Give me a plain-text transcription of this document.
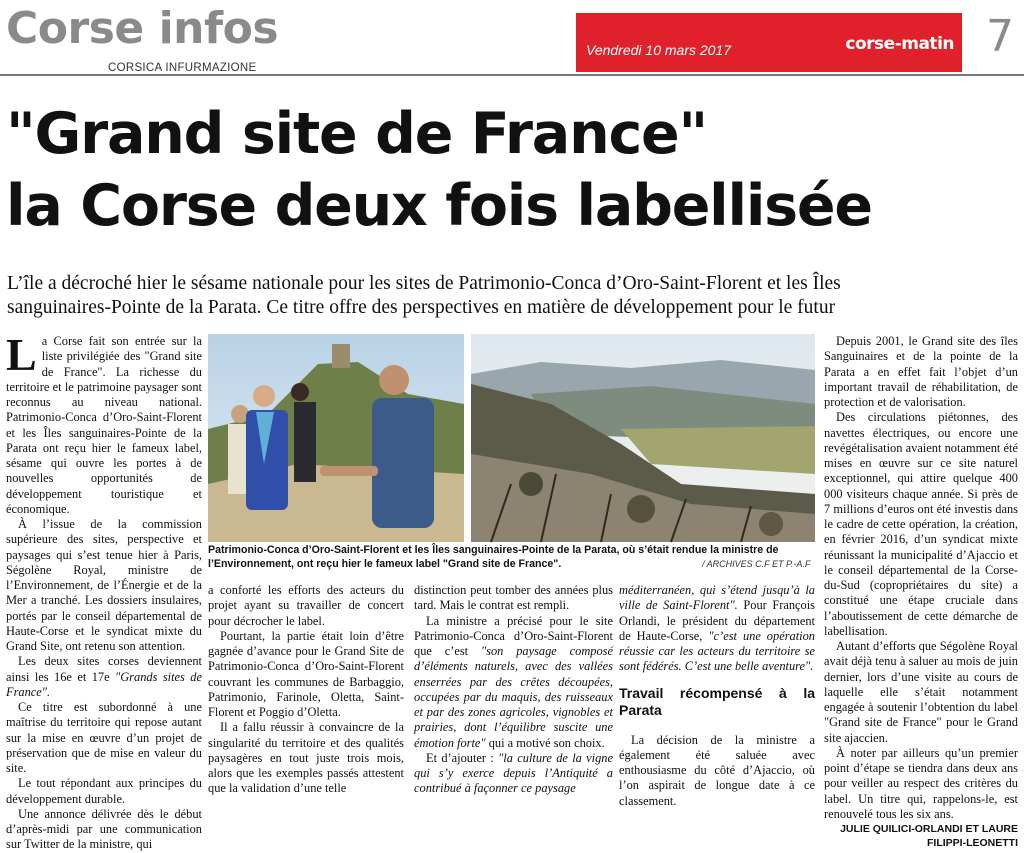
Corse infos
CORSICA INFURMAZIONE
Vendredi 10 mars 2017	corse-matin 7
"Grand site de France"
la Corse deux fois labellisée
L’île a décroché hier le sésame nationale pour les sites de Patrimonio-Conca d’Oro-Saint-Florent et les Îles
sanguinaires-Pointe de la Parata. Ce titre offre des perspectives en matière de développement pour le futur

La Corse fait son entrée sur la liste privilégiée des "Grand site de France". La richesse du territoire et le patrimoine paysager sont reconnus au niveau national. Patrimonio-Conca d’Oro-Saint-Florent et les Îles sanguinaires-Pointe de la Parata ont reçu hier le fameux label, sésame qui ouvre les portes à de nouvelles opportunités de développement touristique et économique.

À l’issue de la commission supérieure des sites, perspective et paysages qui s’est tenue hier à Paris, Ségolène Royal, ministre de l’Environnement, de l’Énergie et de la Mer a tranché. Les dossiers insulaires, portés par le conseil départemental de Haute-Corse et le syndicat mixte du Grand Site, ont retenu son attention.

Les deux sites corses deviennent ainsi les 16e et 17e "Grands sites de France".

Ce titre est subordonné à une maîtrise du territoire qui repose autant sur la mise en œuvre d’un projet de préservation que de mise en valeur du site.

Le tout répondant aux principes du développement durable.

Une annonce délivrée dès le début d’après-midi par une communication sur Twitter de la ministre, qui

Patrimonio-Conca d’Oro-Saint-Florent et les Îles sanguinaires-Pointe de la Parata, où s’était rendue la ministre de l’Environnement, ont reçu hier le fameux label "Grand site de France".	/ ARCHIVES C.F ET P.-A.F

a conforté les efforts des acteurs du projet ayant su travailler de concert pour décrocher le label.

Pourtant, la partie était loin d’être gagnée d’avance pour le Grand Site de Patrimonio-Conca d’Oro-Saint-Florent couvrant les communes de Barbaggio, Patrimonio, Farinole, Oletta, Saint-Florent et Poggio d’Oletta.

Il a fallu réussir à convaincre de la singularité du territoire et des qualités paysagères en tout juste trois mois, alors que les exemples passés attestent que la validation d’une telle

distinction peut tomber des années plus tard. Mais le contrat est rempli.

La ministre a précisé pour le site Patrimonio-Conca d’Oro-Saint-Florent que c’est "son paysage composé d’éléments naturels, avec des vallées enserrées par des crêtes découpées, occupées par du maquis, des ruisseaux et par des zones agricoles, vignobles et prairies, dont l’équilibre suscite une émotion forte" qui a motivé son choix.

Et d’ajouter : "la culture de la vigne qui s’y exerce depuis l’Antiquité a contribué à façonner ce paysage

méditerranéen, qui s’étend jusqu’à la ville de Saint-Florent". Pour François Orlandi, le président du département de Haute-Corse, "c’est une opération réussie car les acteurs du territoire se sont fédérés. C’est une belle aventure".

Travail récompensé à la Parata

La décision de la ministre a également été saluée avec enthousiasme du côté d’Ajaccio, où l’on aspirait de longue date à ce classement.

Depuis 2001, le Grand site des îles Sanguinaires et de la pointe de la Parata a en effet fait l’objet d’un important travail de réhabilitation, de protection et de valorisation.

Des circulations piétonnes, des navettes électriques, ou encore une revégétalisation avaient notamment été mises en œuvre sur ce site naturel exceptionnel, qui attire quelque 400 000 visiteurs chaque année. Si près de 7 millions d’euros ont été investis dans le cadre de cette opération, la création, en février 2016, d’un syndicat mixte réunissant la municipalité d’Ajaccio et le conseil départemental de la Corse-du-Sud (copropriétaires du site) a constitué une étape cruciale dans l’aboutissement de cette démarche de labellisation.

Autant d’efforts que Ségolène Royal avait déjà tenu à saluer au mois de juin dernier, lors d’une visite au cours de laquelle elle s’était notamment engagée à soutenir l’obtention du label "Grand site de France" pour le Grand site ajaccien.

À noter par ailleurs qu’un premier point d’étape se tiendra dans deux ans pour veiller au respect des critères du label. Un titre qui, rappelons-le, est renouvelé tous les six ans.

JULIE QUILICI-ORLANDI ET LAURE
FILIPPI-LEONETTI
